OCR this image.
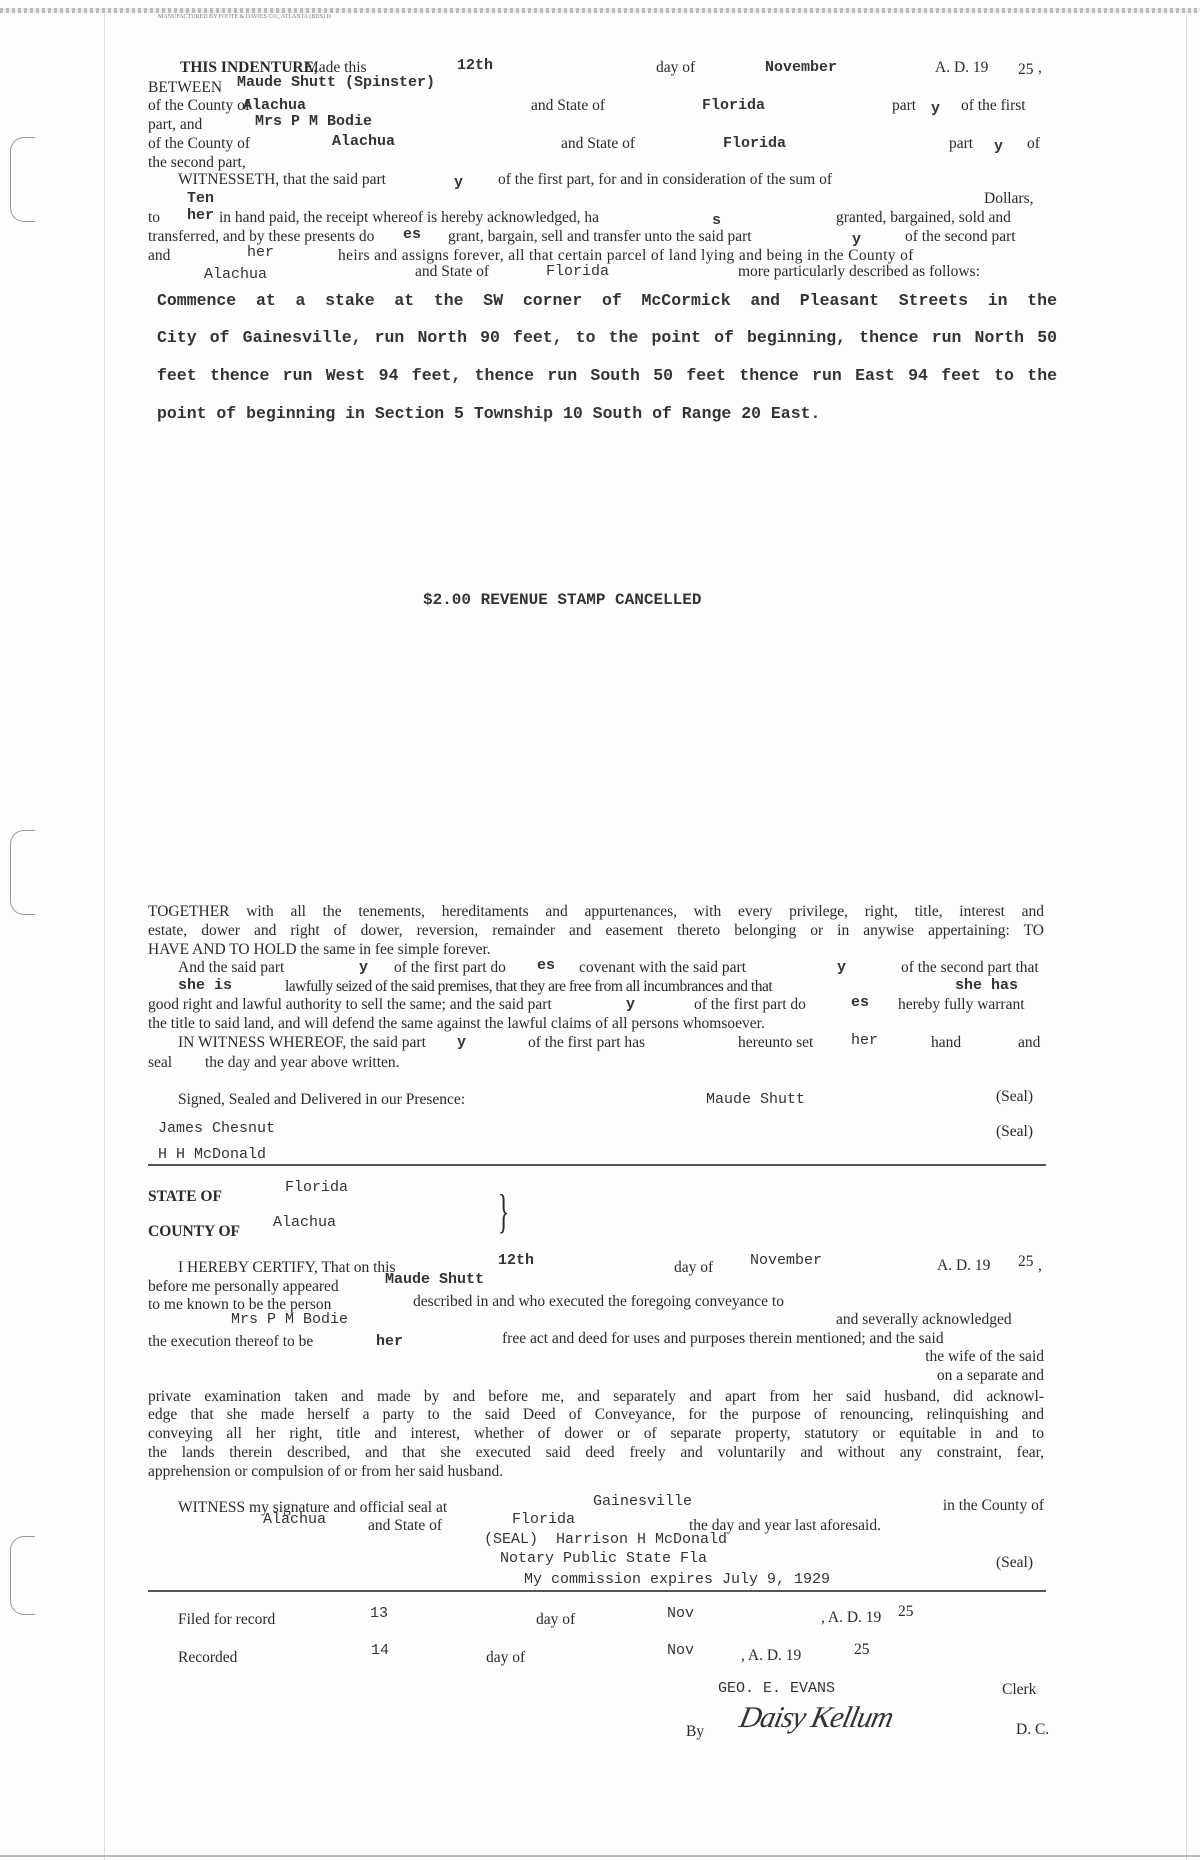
MANUFACTURED BY FOOTE & DAVIES CO., ATLANTA (BDS) D
THIS INDENTURE,
Made this	12th	day of	November	A. D. 19 25 ,
BETWEEN Maude Shutt (Spinster)
of the County of
Alachua	and State of	Florida	part y of the first
part, and	Mrs P M Bodie
of the County of	Alachua	and State of	Florida	part y of
the second part,
WITNESSETH, that the said part	y of the first part, for and in consideration of the sum of
Ten	Dollars,
to her in hand paid, the receipt whereof is hereby acknowledged, ha	s	granted, bargained, sold and
transferred, and by these presents do es grant, bargain, sell and transfer unto the said part	y	of the second part
and	her	heirs and assigns forever, all that certain parcel of land lying and being in the County of
Alachua	and State of	Florida	more particularly described as follows:
Commence at a stake at the SW corner of McCormick and Pleasant Streets in the
City of Gainesville, run North 90 feet, to the point of beginning, thence run North 50
feet thence run West 94 feet, thence run South 50 feet thence run East 94 feet to the
point of beginning in Section 5 Township 10 South of Range 20 East.
$2.00 REVENUE STAMP CANCELLED
TOGETHER with all the tenements, hereditaments and appurtenances, with every privilege, right, title, interest and
estate, dower and right of dower, reversion, remainder and easement thereto belonging or in anywise appertaining: TO
HAVE AND TO HOLD the same in fee simple forever.
And the said part	y of the first part do es covenant with the said part	y	of the second part that
she is	lawfully seized of the said premises, that they are free from all incumbrances and that	she has
good right and lawful authority to sell the same; and the said part	y	of the first part do	es hereby fully warrant
the title to said land, and will defend the same against the lawful claims of all persons whomsoever.
IN WITNESS WHEREOF, the said part y	of the first part has	hereunto set	her	hand	and
seal the day and year above written.
Signed, Sealed and Delivered in our Presence:	Maude Shutt	(Seal)
James Chesnut	(Seal)
H H McDonald
STATE OF
Florida	}
COUNTY OF
Alachua
I HEREBY CERTIFY, That on this	12th	day of November	A. D. 19 25 ,
before me personally appeared	Maude Shutt
to me known to be the person	described in and who executed the foregoing conveyance to
Mrs P M Bodie	and severally acknowledged
the execution thereof to be	her	free act and deed for uses and purposes therein mentioned; and the said
the wife of the said
on a separate and
private examination taken and made by and before me, and separately and apart from her said husband, did acknowl-
edge that she made herself a party to the said Deed of Conveyance, for the purpose of renouncing, relinquishing and
conveying all her right, title and interest, whether of dower or of separate property, statutory or equitable in and to
the lands therein described, and that she executed said deed freely and voluntarily and without any constraint, fear,
apprehension or compulsion of or from her said husband.
WITNESS my signature and official seal at	Gainesville	in the County of
Alachua	and State of	Florida	the day and year last aforesaid.
(SEAL)  Harrison H McDonald
Notary Public State Fla	(Seal)
My commission expires July 9, 1929
Filed for record	13	day of	Nov	, A. D. 19 25
Recorded	14	day of	Nov	, A. D. 19	25
GEO. E. EVANS	Clerk
By Daisy Kellum	D. C.
